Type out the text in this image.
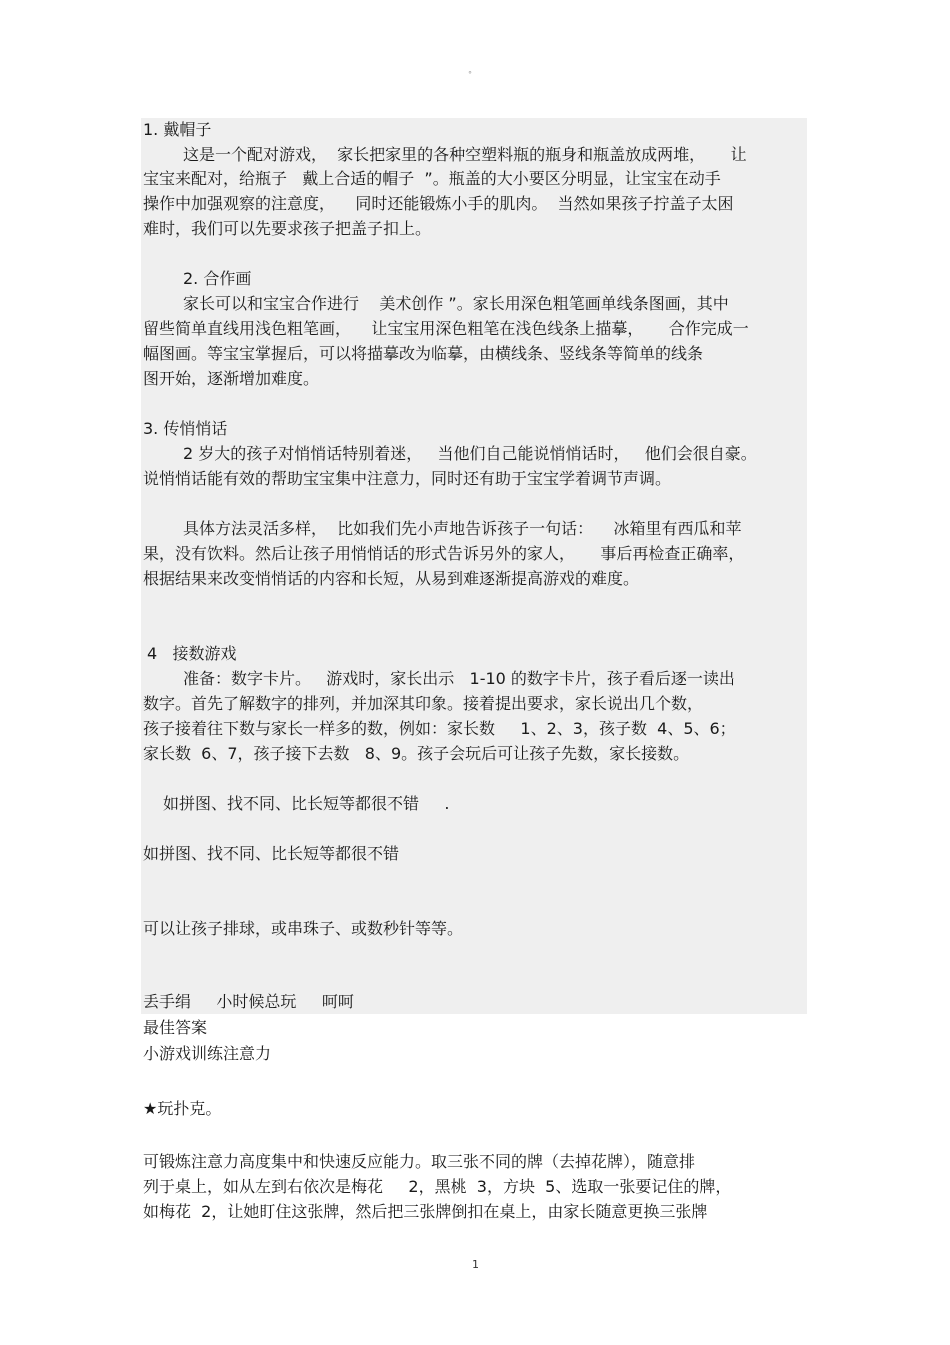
°
1. 戴帽子
这是一个配对游戏，  家长把家里的各种空塑料瓶的瓶身和瓶盖放成两堆，     让
宝宝来配对，给瓶子   戴上合适的帽子  ”。瓶盖的大小要区分明显，让宝宝在动手
操作中加强观察的注意度，    同时还能锻炼小手的肌肉。  当然如果孩子拧盖子太困
难时，我们可以先要求孩子把盖子扣上。
2. 合作画
家长可以和宝宝合作进行    美术创作 ”。家长用深色粗笔画单线条图画，其中
留些简单直线用浅色粗笔画，    让宝宝用深色粗笔在浅色线条上描摹，     合作完成一
幅图画。等宝宝掌握后，可以将描摹改为临摹，由横线条、竖线条等简单的线条
图开始，逐渐增加难度。
3. 传悄悄话
2 岁大的孩子对悄悄话特别着迷，   当他们自己能说悄悄话时，   他们会很自豪。
说悄悄话能有效的帮助宝宝集中注意力，同时还有助于宝宝学着调节声调。
具体方法灵活多样，  比如我们先小声地告诉孩子一句话：    冰箱里有西瓜和苹
果，没有饮料。然后让孩子用悄悄话的形式告诉另外的家人，     事后再检查正确率，
根据结果来改变悄悄话的内容和长短，从易到难逐渐提高游戏的难度。
4   接数游戏
准备：数字卡片。   游戏时，家长出示   1-10 的数字卡片，孩子看后逐一读出
数字。首先了解数字的排列，并加深其印象。接着提出要求，家长说出几个数，
孩子接着往下数与家长一样多的数，例如：家长数     1、2、3，孩子数  4、5、6；
家长数  6、7，孩子接下去数   8、9。孩子会玩后可让孩子先数，家长接数。
如拼图、找不同、比长短等都很不错     .
如拼图、找不同、比长短等都很不错
可以让孩子排球，或串珠子、或数秒针等等。
丢手绢     小时候总玩     呵呵
最佳答案
小游戏训练注意力
★玩扑克。
可锻炼注意力高度集中和快速反应能力。取三张不同的牌（去掉花牌），随意排
列于桌上，如从左到右依次是梅花     2，黑桃  3，方块  5、选取一张要记住的牌，
如梅花  2，让她盯住这张牌，然后把三张牌倒扣在桌上，由家长随意更换三张牌
1
